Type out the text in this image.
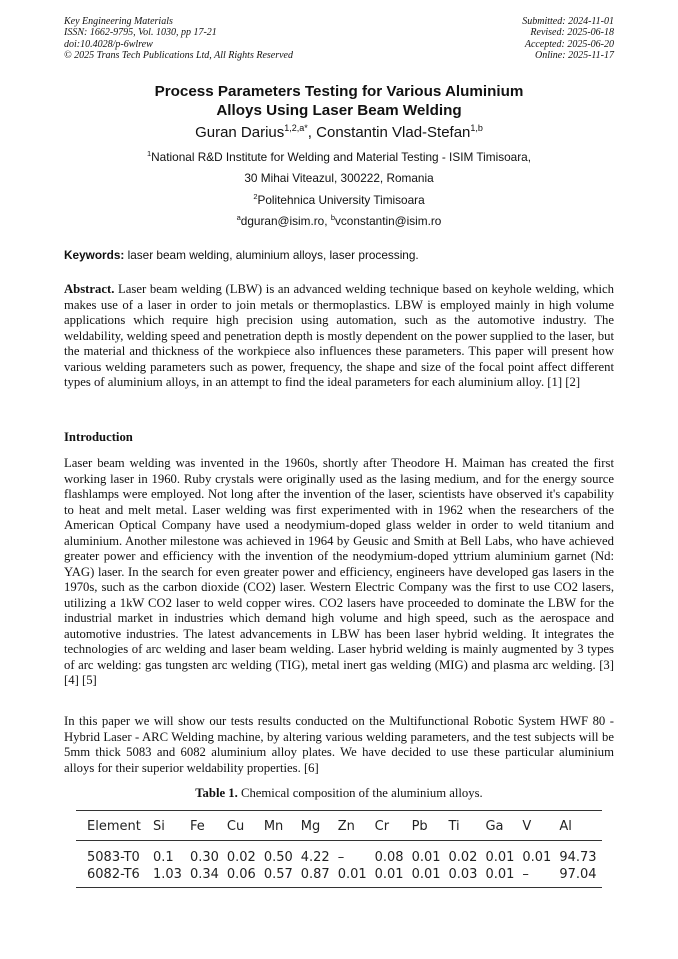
Key Engineering Materials
ISSN: 1662-9795, Vol. 1030, pp 17-21
doi:10.4028/p-6wlrew
© 2025 Trans Tech Publications Ltd, All Rights Reserved
Submitted: 2024-11-01
Revised: 2025-06-18
Accepted: 2025-06-20
Online: 2025-11-17
Process Parameters Testing for Various Aluminium
Alloys Using Laser Beam Welding
Guran Darius$^{1,2,a*}$, Constantin Vlad-Stefan$^{1,b}$
$^1$National R&D Institute for Welding and Material Testing - ISIM Timisoara,
30 Mihai Viteazul, 300222, Romania
$^2$Politehnica University Timisoara
$^a$dguran@isim.ro, $^b$vconstantin@isim.ro
Keywords: laser beam welding, aluminium alloys, laser processing.
Abstract. Laser beam welding (LBW) is an advanced welding technique based on keyhole welding, which makes use of a laser in order to join metals or thermoplastics. LBW is employed mainly in high volume applications which require high precision using automation, such as the automotive industry. The weldability, welding speed and penetration depth is mostly dependent on the power supplied to the laser, but the material and thickness of the workpiece also influences these parameters. This paper will present how various welding parameters such as power, frequency, the shape and size of the focal point affect different types of aluminium alloys, in an attempt to find the ideal parameters for each aluminium alloy. [1] [2]
Introduction
Laser beam welding was invented in the 1960s, shortly after Theodore H. Maiman has created the first working laser in 1960. Ruby crystals were originally used as the lasing medium, and for the energy source flashlamps were employed. Not long after the invention of the laser, scientists have observed it's capability to heat and melt metal. Laser welding was first experimented with in 1962 when the researchers of the American Optical Company have used a neodymium-doped glass welder in order to weld titanium and aluminium. Another milestone was achieved in 1964 by Geusic and Smith at Bell Labs, who have achieved greater power and efficiency with the invention of the neodymium-doped yttrium aluminium garnet (Nd: YAG) laser. In the search for even greater power and efficiency, engineers have developed gas lasers in the 1970s, such as the carbon dioxide (CO2) laser. Western Electric Company was the first to use CO2 lasers, utilizing a 1kW CO2 laser to weld copper wires. CO2 lasers have proceeded to dominate the LBW for the industrial market in industries which demand high volume and high speed, such as the aerospace and automotive industries. The latest advancements in LBW has been laser hybrid welding. It integrates the technologies of arc welding and laser beam welding. Laser hybrid welding is mainly augmented by 3 types of arc welding: gas tungsten arc welding (TIG), metal inert gas welding (MIG) and plasma arc welding. [3] [4] [5]
In this paper we will show our tests results conducted on the Multifunctional Robotic System HWF 80 - Hybrid Laser - ARC Welding machine, by altering various welding parameters, and the test subjects will be 5mm thick 5083 and 6082 aluminium alloy plates. We have decided to use these particular aluminium alloys for their superior weldability properties. [6]
Table 1. Chemical composition of the aluminium alloys.
Element	Si	Fe	Cu	Mn	Mg	Zn	Cr	Pb	Ti	Ga	V	Al
5083-T0	0.1	0.30	0.02	0.50	4.22	–	0.08	0.01	0.02	0.01	0.01	94.73
6082-T6	1.03	0.34	0.06	0.57	0.87	0.01	0.01	0.01	0.03	0.01	–	97.04
